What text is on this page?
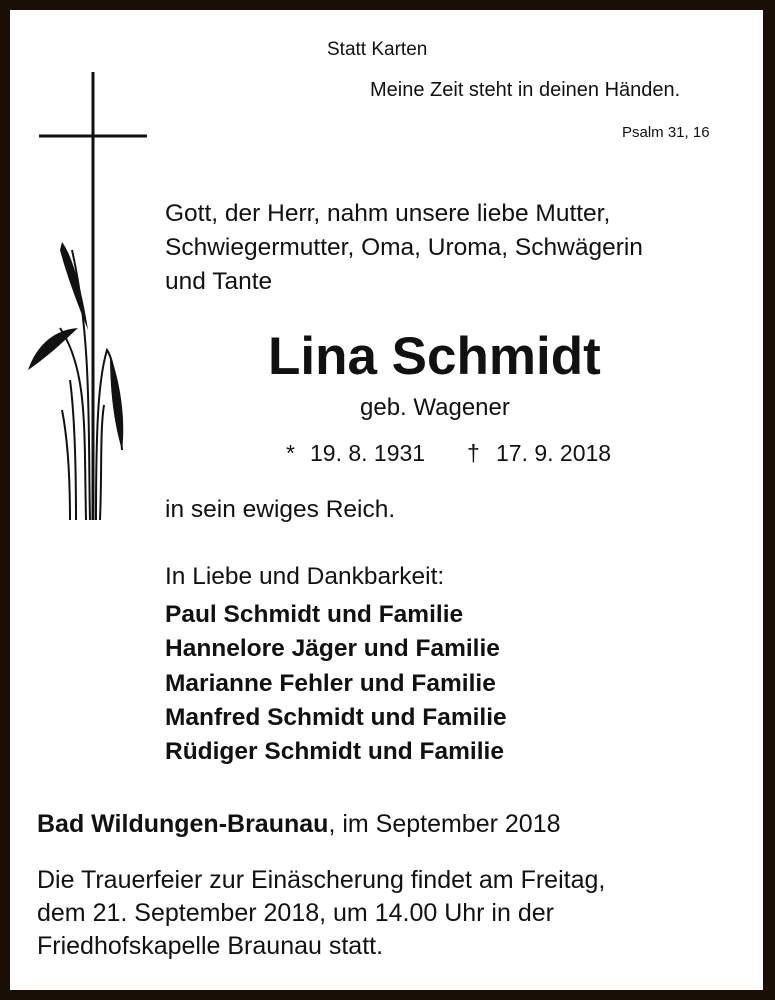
Statt Karten
Meine Zeit steht in deinen Händen.
Psalm 31, 16
Gott, der Herr, nahm unsere liebe Mutter,
Schwiegermutter, Oma, Uroma, Schwägerin
und Tante
Lina Schmidt
geb. Wagener
* 19. 8. 1931 † 17. 9. 2018
in sein ewiges Reich.
In Liebe und Dankbarkeit:
Paul Schmidt und Familie
Hannelore Jäger und Familie
Marianne Fehler und Familie
Manfred Schmidt und Familie
Rüdiger Schmidt und Familie
Bad Wildungen-Braunau, im September 2018
Die Trauerfeier zur Einäscherung findet am Freitag,
dem 21. September 2018, um 14.00 Uhr in der
Friedhofskapelle Braunau statt.
